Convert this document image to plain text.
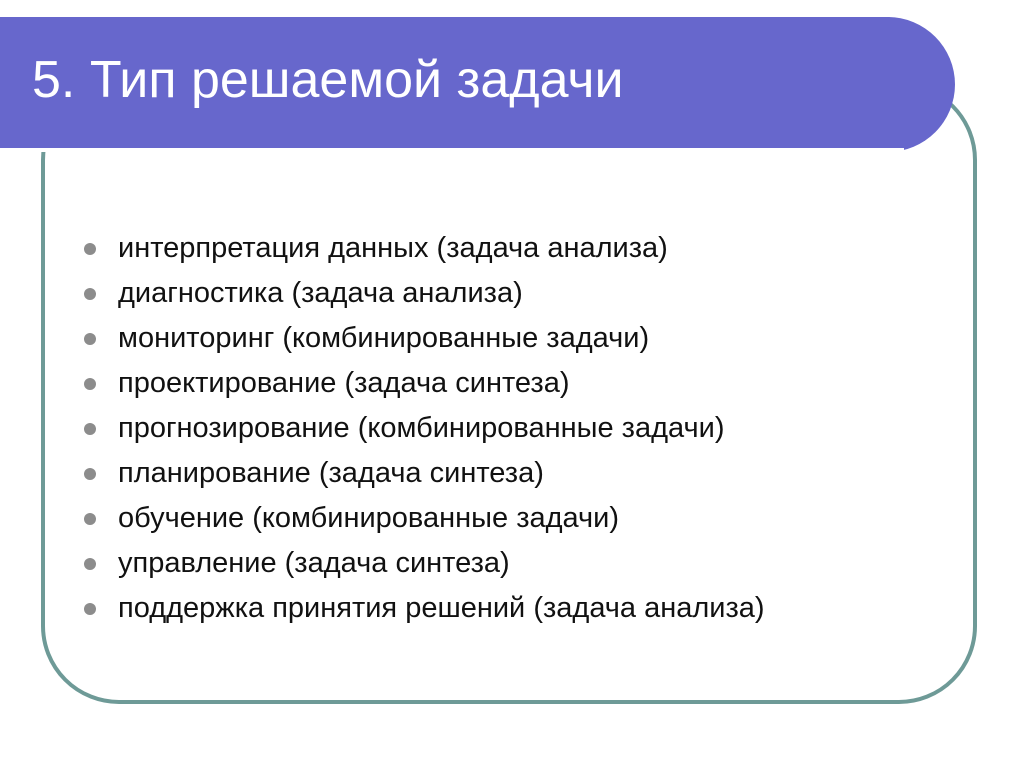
5. Тип решаемой задачи
интерпретация данных (задача анализа)
диагностика (задача анализа)
мониторинг (комбинированные задачи)
проектирование (задача синтеза)
прогнозирование (комбинированные задачи)
планирование (задача синтеза)
обучение (комбинированные задачи)
управление (задача синтеза)
поддержка принятия решений (задача анализа)
